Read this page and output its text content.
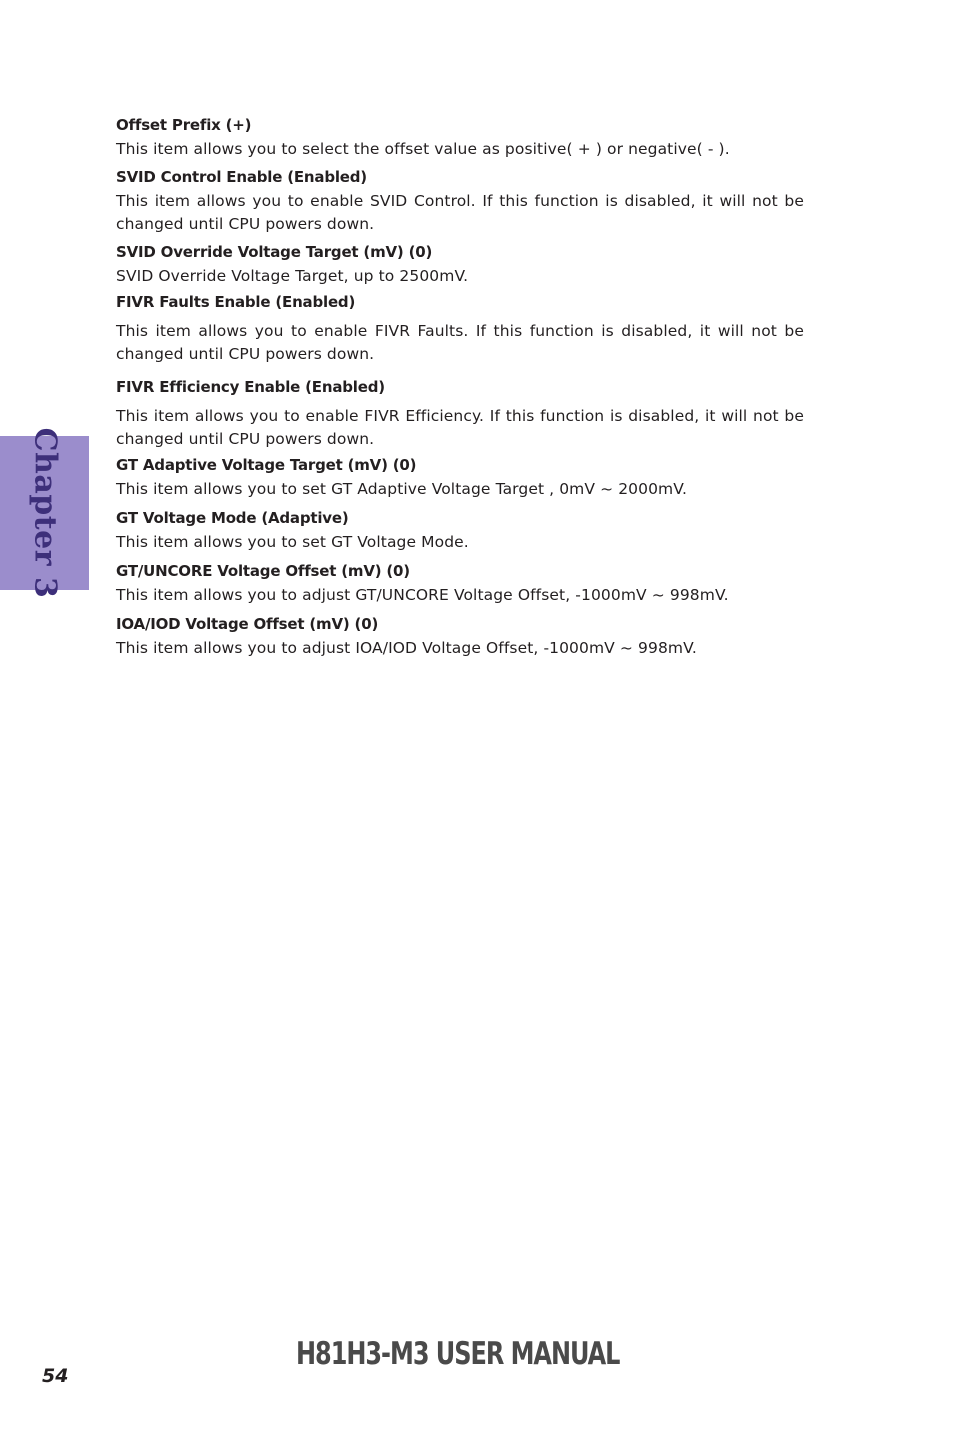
Chapter 3

Offset Prefix (+)

This item allows you to select the offset value as positive( + ) or negative( - ).

SVID Control Enable (Enabled)

This item allows you to enable SVID Control. If this function is disabled, it will not be changed until CPU powers down.

SVID Override Voltage Target (mV) (0)

SVID Override Voltage Target, up to 2500mV.

FIVR Faults Enable (Enabled)

This item allows you to enable FIVR Faults. If this function is disabled, it will not be changed until CPU powers down.

FIVR Efficiency Enable (Enabled)

This item allows you to enable FIVR Efficiency. If this function is disabled, it will not be changed until CPU powers down.

GT Adaptive Voltage Target (mV) (0)

This item allows you to set GT Adaptive Voltage Target , 0mV ~ 2000mV.

GT Voltage Mode (Adaptive)

This item allows you to set GT Voltage Mode.

GT/UNCORE Voltage Offset (mV) (0)

This item allows you to adjust GT/UNCORE Voltage Offset, -1000mV ~ 998mV.

IOA/IOD Voltage Offset (mV) (0)

This item allows you to adjust IOA/IOD Voltage Offset, -1000mV ~ 998mV.

54
H81H3-M3 USER MANUAL
